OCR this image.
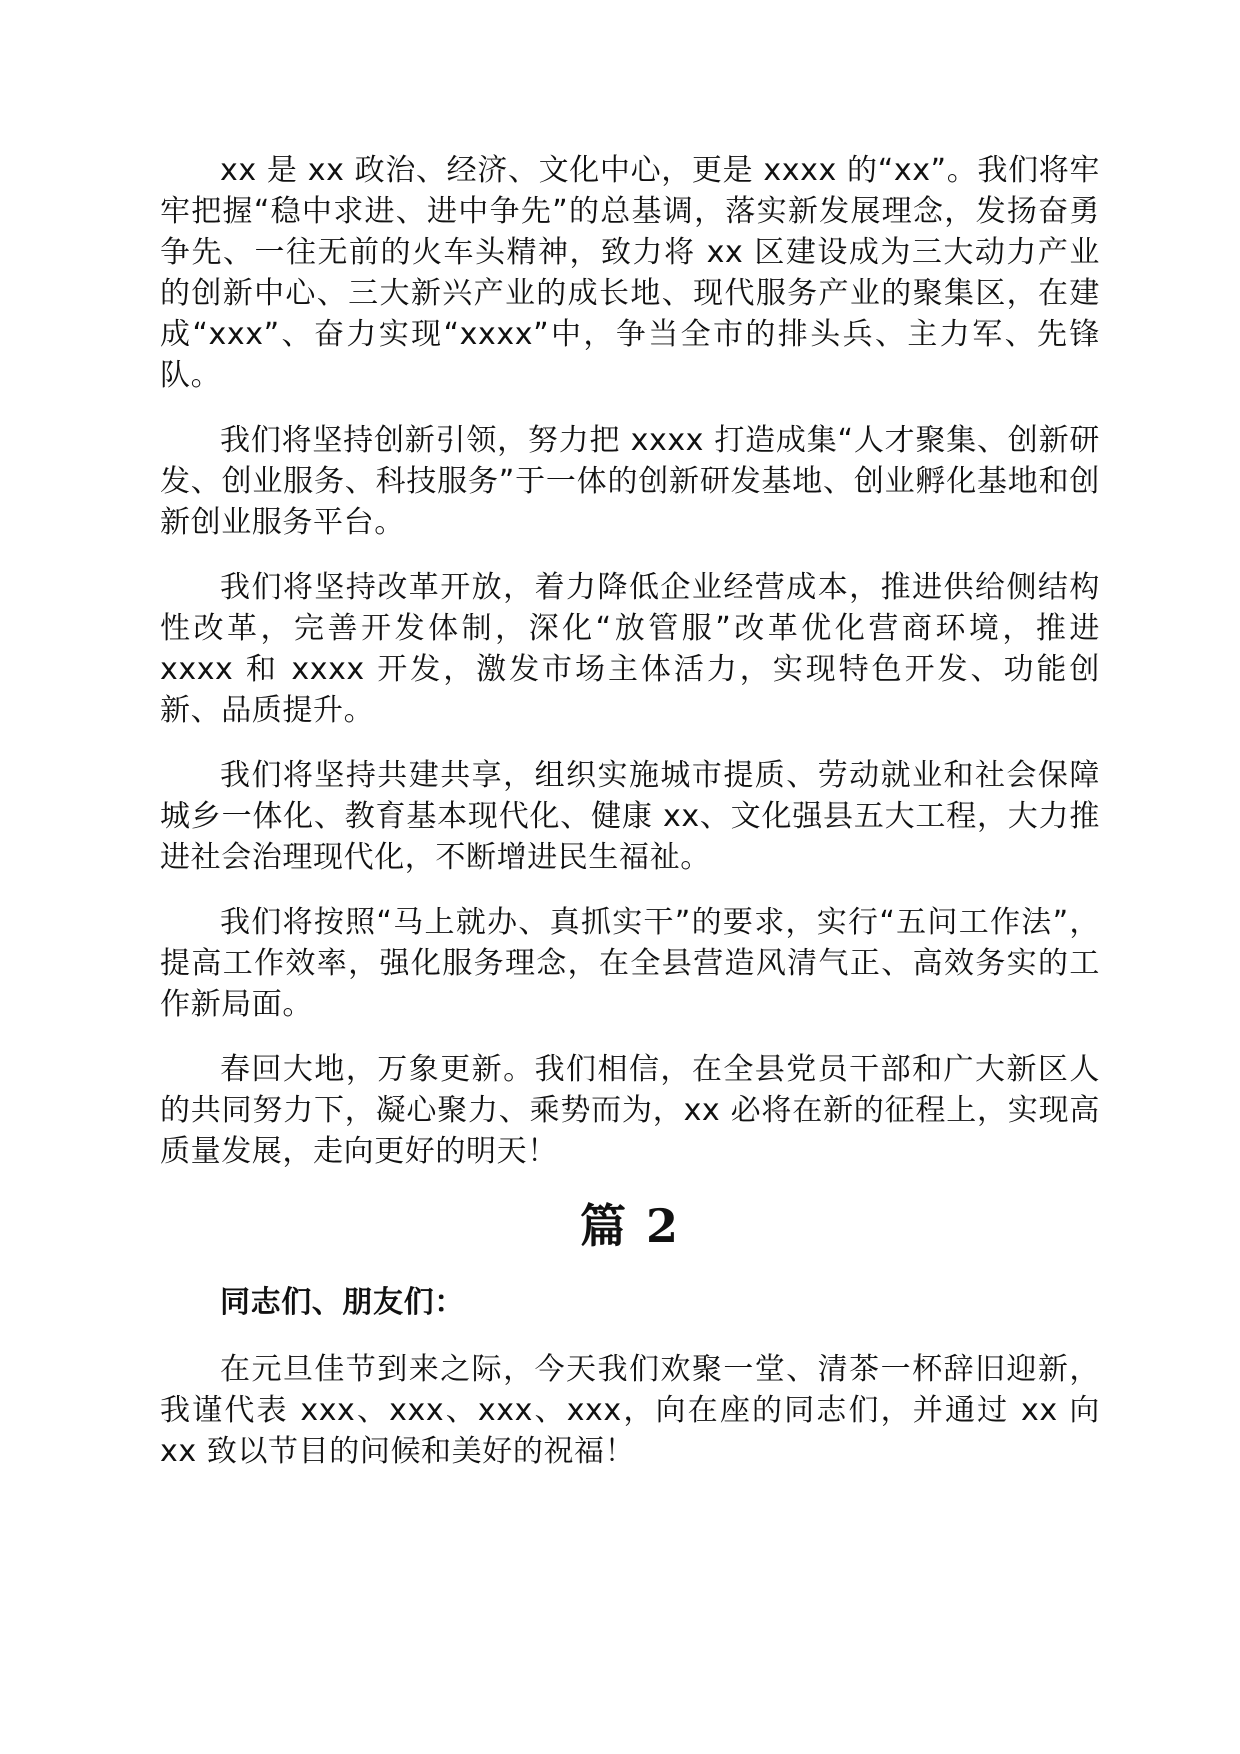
xx 是 xx 政治、经济、文化中心，更是 xxxx 的“xx”。我们将牢牢把握“稳中求进、进中争先”的总基调，落实新发展理念，发扬奋勇争先、一往无前的火车头精神，致力将 xx 区建设成为三大动力产业的创新中心、三大新兴产业的成长地、现代服务产业的聚集区，在建成“xxx”、奋力实现“xxxx”中，争当全市的排头兵、主力军、先锋队。

我们将坚持创新引领，努力把 xxxx 打造成集“人才聚集、创新研发、创业服务、科技服务”于一体的创新研发基地、创业孵化基地和创新创业服务平台。

我们将坚持改革开放，着力降低企业经营成本，推进供给侧结构性改革，完善开发体制，深化“放管服”改革优化营商环境，推进 xxxx 和 xxxx 开发，激发市场主体活力，实现特色开发、功能创新、品质提升。

我们将坚持共建共享，组织实施城市提质、劳动就业和社会保障城乡一体化、教育基本现代化、健康 xx、文化强县五大工程，大力推进社会治理现代化，不断增进民生福祉。

我们将按照“马上就办、真抓实干”的要求，实行“五问工作法”，提高工作效率，强化服务理念，在全县营造风清气正、高效务实的工作新局面。

春回大地，万象更新。我们相信，在全县党员干部和广大新区人的共同努力下，凝心聚力、乘势而为，xx 必将在新的征程上，实现高质量发展，走向更好的明天！

篇 2

同志们、朋友们：

在元旦佳节到来之际，今天我们欢聚一堂、清茶一杯辞旧迎新，我谨代表 xxx、xxx、xxx、xxx，向在座的同志们，并通过 xx 向 xx 致以节目的问候和美好的祝福！
